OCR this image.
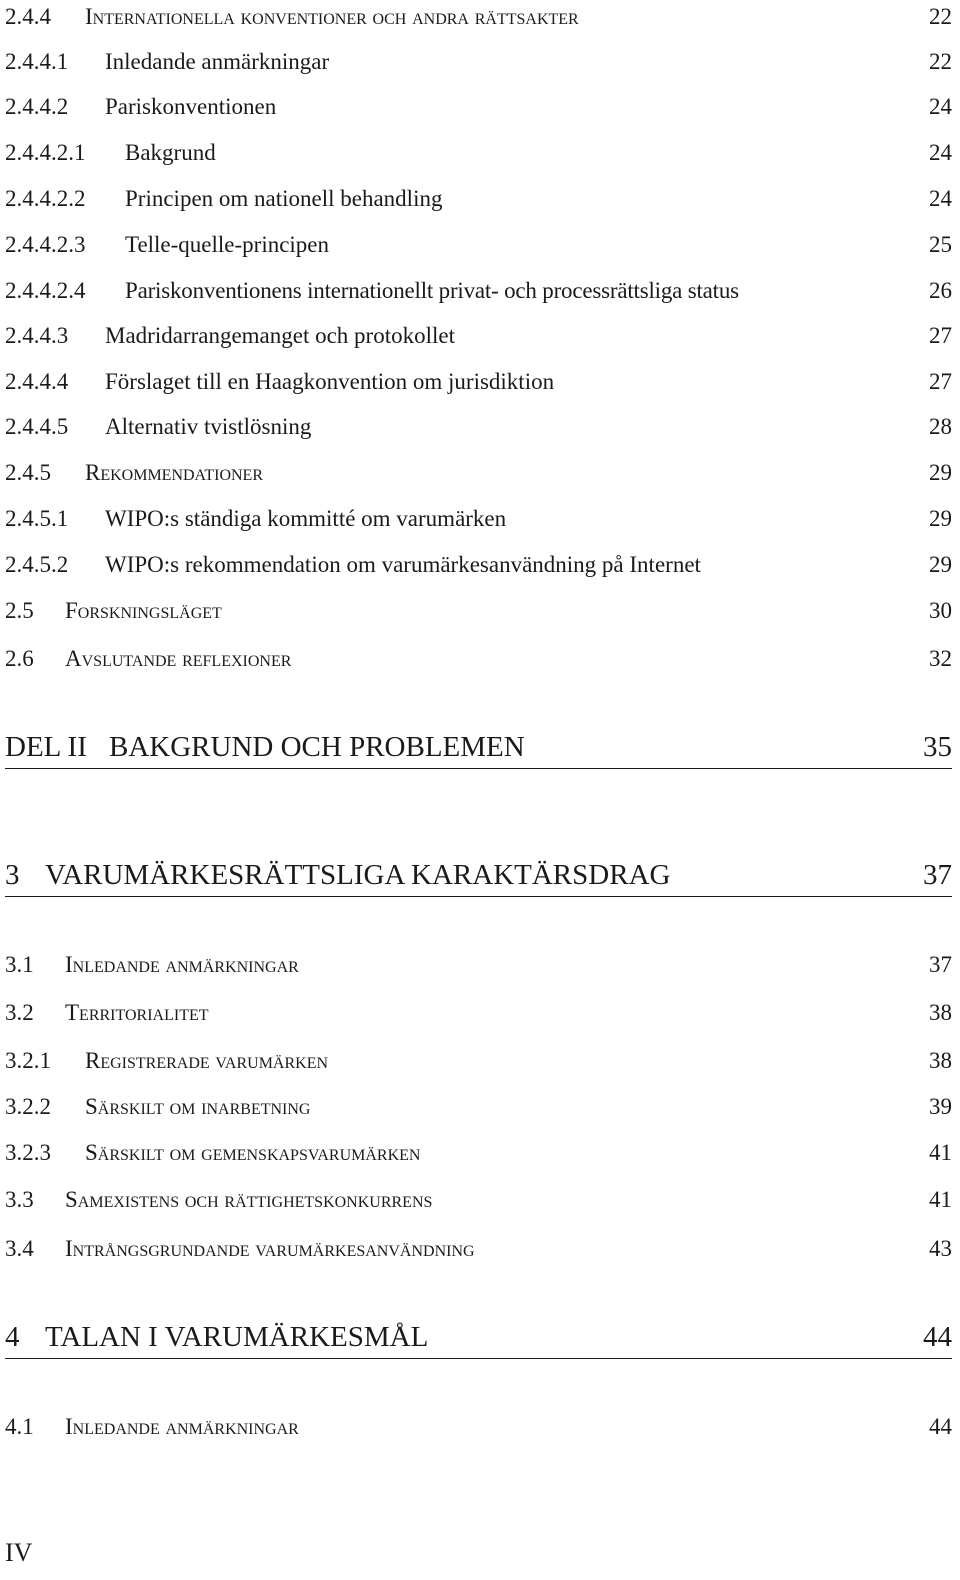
2.4.4 Internationella konventioner och andra rättsakter	22
2.4.4.1 Inledande anmärkningar	22
2.4.4.2 Pariskonventionen	24
2.4.4.2.1 Bakgrund	24
2.4.4.2.2 Principen om nationell behandling	24
2.4.4.2.3 Telle-quelle-principen	25
2.4.4.2.4 Pariskonventionens internationellt privat- och processrättsliga status	26
2.4.4.3 Madridarrangemanget och protokollet	27
2.4.4.4 Förslaget till en Haagkonvention om jurisdiktion	27
2.4.4.5 Alternativ tvistlösning	28
2.4.5 Rekommendationer	29
2.4.5.1 WIPO:s ständiga kommitté om varumärken	29
2.4.5.2 WIPO:s rekommendation om varumärkesanvändning på Internet	29
2.5 Forskningsläget	30
2.6 Avslutande reflexioner	32
DEL II BAKGRUND OCH PROBLEMEN	35
3 VARUMÄRKESRÄTTSLIGA KARAKTÄRSDRAG	37
3.1 Inledande anmärkningar	37
3.2 Territorialitet	38
3.2.1 Registrerade varumärken	38
3.2.2 Särskilt om inarbetning	39
3.2.3 Särskilt om gemenskapsvarumärken	41
3.3 Samexistens och rättighetskonkurrens	41
3.4 Intrångsgrundande varumärkesanvändning	43
4 TALAN I VARUMÄRKESMÅL	44
4.1 Inledande anmärkningar	44
IV
